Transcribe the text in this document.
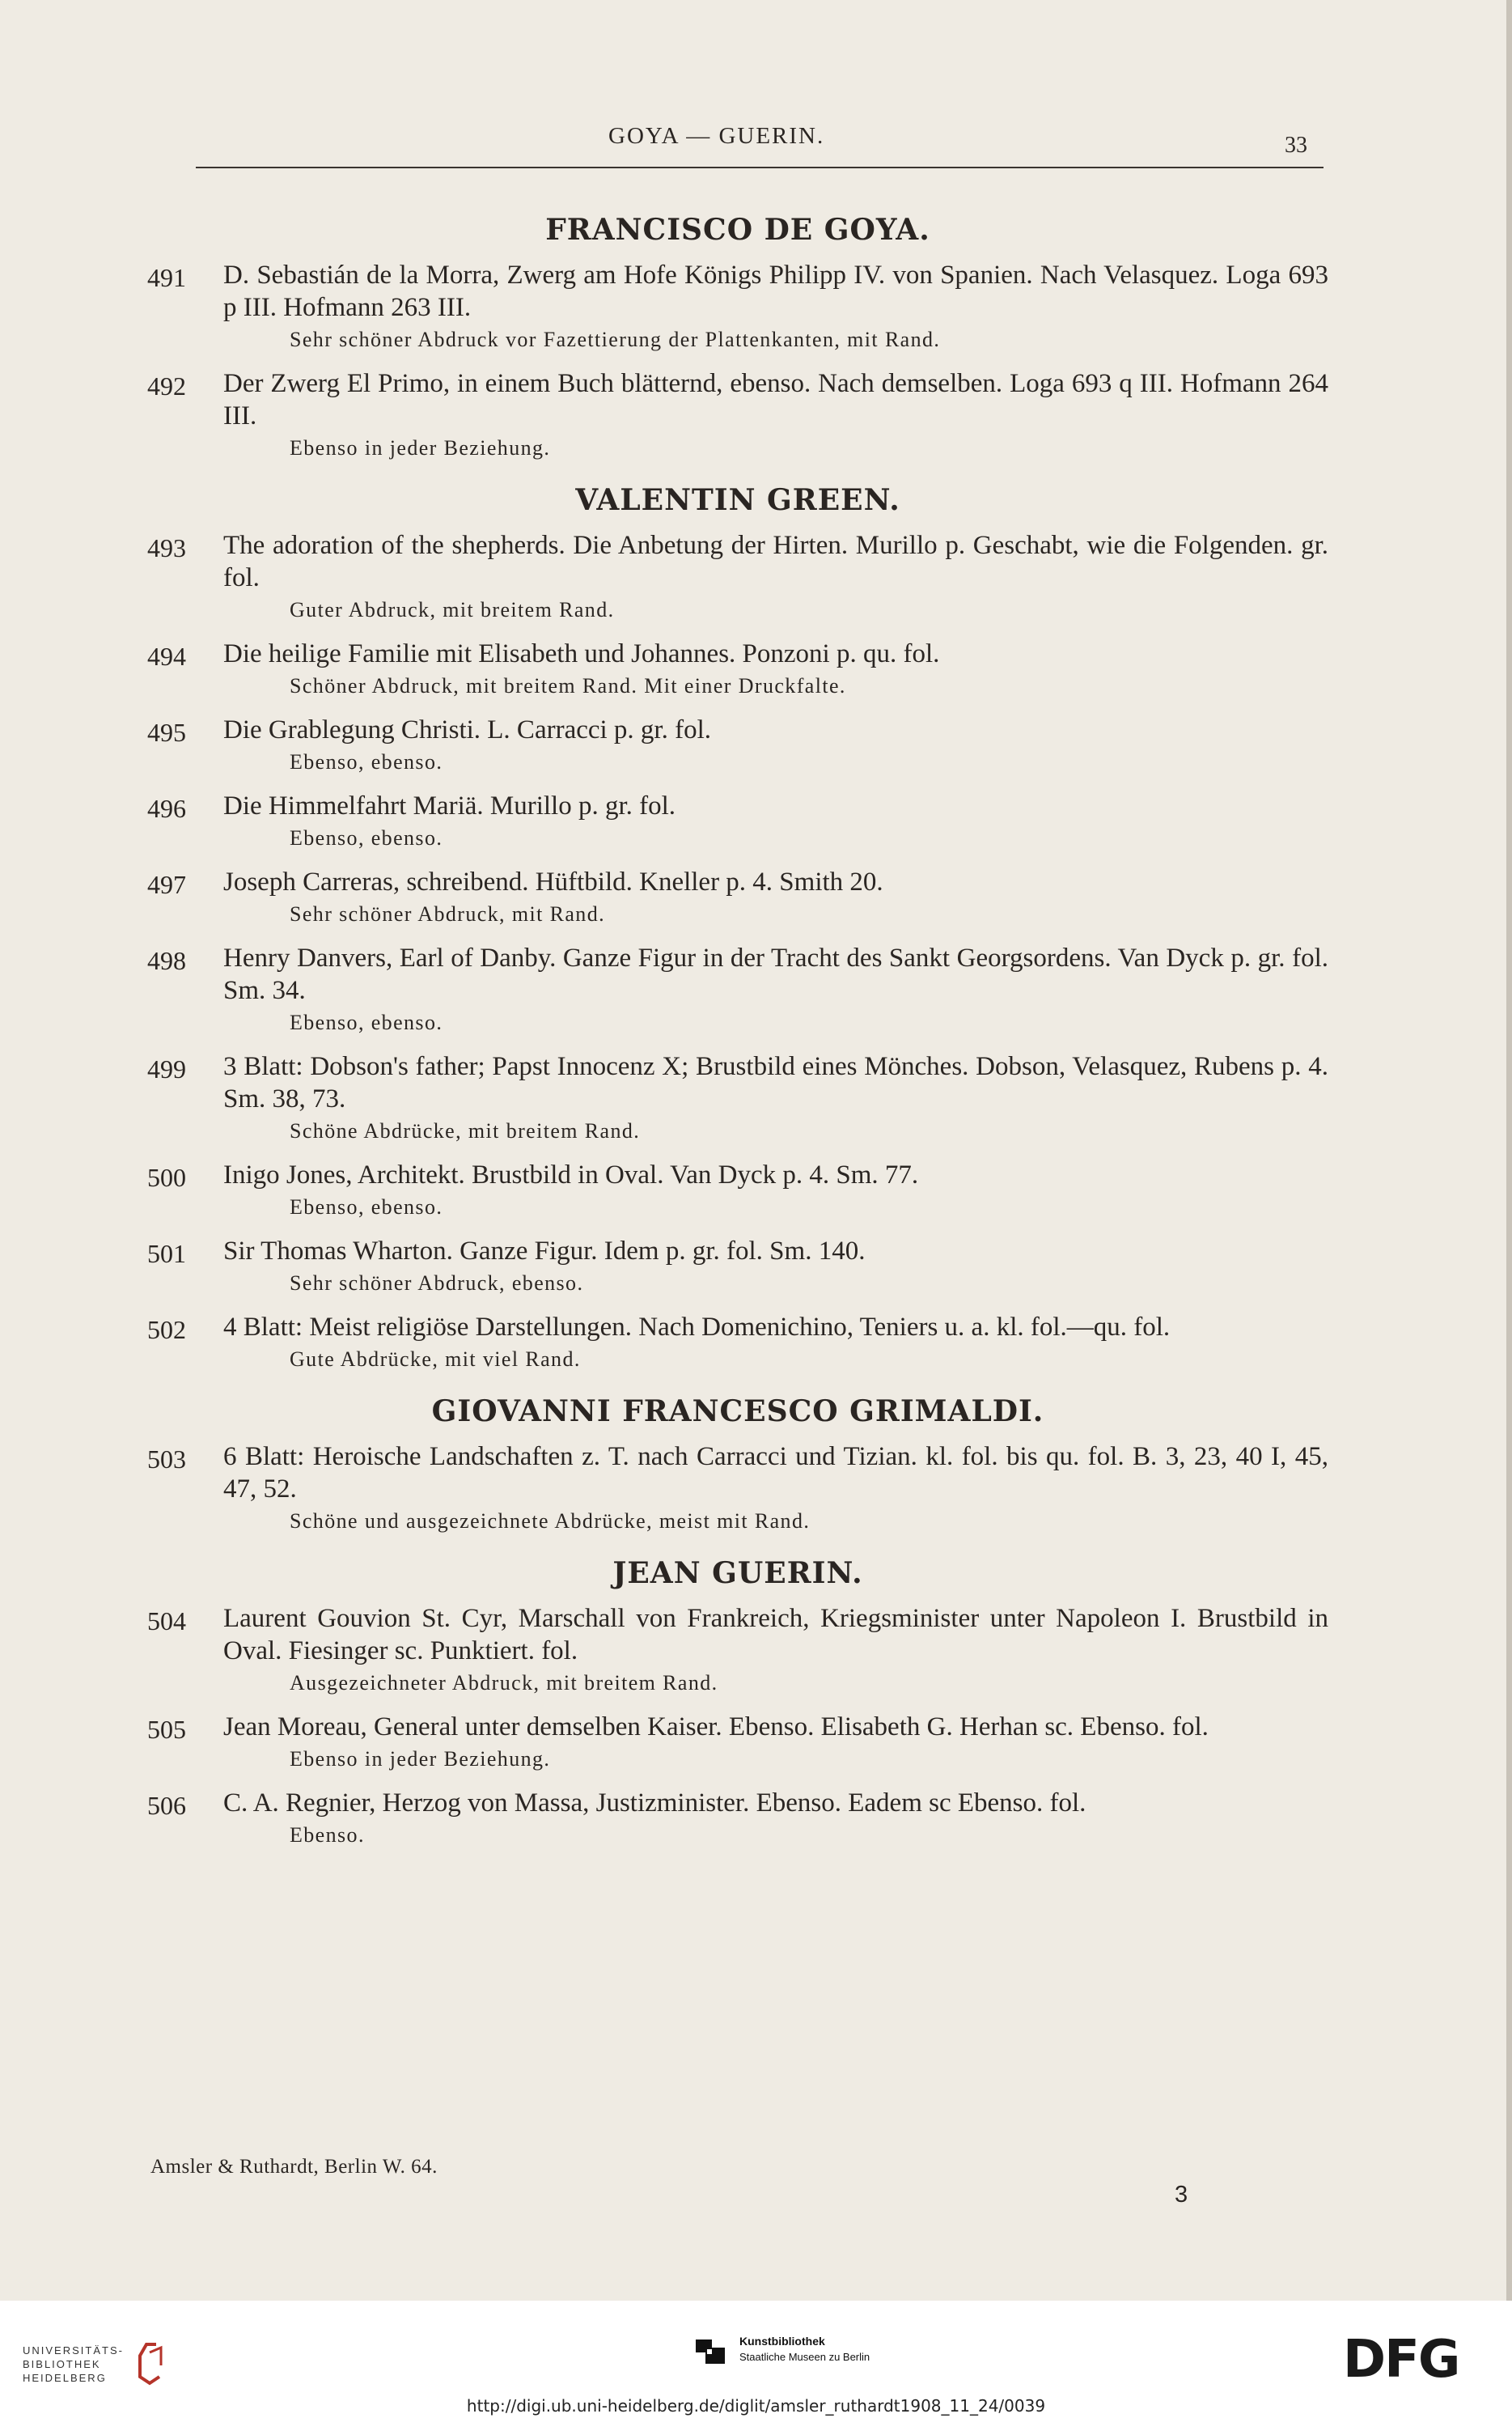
GOYA — GUERIN.	33
FRANCISCO DE GOYA.
491	D. Sebastián de la Morra, Zwerg am Hofe Königs Philipp IV. von Spanien. Nach Velasquez. Loga 693 p III. Hofmann 263 III.
Sehr schöner Abdruck vor Fazettierung der Plattenkanten, mit Rand.
492	Der Zwerg El Primo, in einem Buch blätternd, ebenso. Nach demselben. Loga 693 q III. Hofmann 264 III.
Ebenso in jeder Beziehung.
VALENTIN GREEN.
493	The adoration of the shepherds. Die Anbetung der Hirten. Murillo p. Geschabt, wie die Folgenden. gr. fol.
Guter Abdruck, mit breitem Rand.
494	Die heilige Familie mit Elisabeth und Johannes. Ponzoni p. qu. fol.
Schöner Abdruck, mit breitem Rand. Mit einer Druckfalte.
495	Die Grablegung Christi. L. Carracci p. gr. fol.
Ebenso, ebenso.
496	Die Himmelfahrt Mariä. Murillo p. gr. fol.
Ebenso, ebenso.
497	Joseph Carreras, schreibend. Hüftbild. Kneller p. 4. Smith 20.
Sehr schöner Abdruck, mit Rand.
498	Henry Danvers, Earl of Danby. Ganze Figur in der Tracht des Sankt Georgsordens. Van Dyck p. gr. fol. Sm. 34.
Ebenso, ebenso.
499	3 Blatt: Dobson's father; Papst Innocenz X; Brustbild eines Mönches. Dobson, Velasquez, Rubens p. 4. Sm. 38, 73.
Schöne Abdrücke, mit breitem Rand.
500	Inigo Jones, Architekt. Brustbild in Oval. Van Dyck p. 4. Sm. 77.
Ebenso, ebenso.
501	Sir Thomas Wharton. Ganze Figur. Idem p. gr. fol. Sm. 140.
Sehr schöner Abdruck, ebenso.
502	4 Blatt: Meist religiöse Darstellungen. Nach Domenichino, Teniers u. a. kl. fol.—qu. fol.
Gute Abdrücke, mit viel Rand.
GIOVANNI FRANCESCO GRIMALDI.
503	6 Blatt: Heroische Landschaften z. T. nach Carracci und Tizian. kl. fol. bis qu. fol. B. 3, 23, 40 I, 45, 47, 52.
Schöne und ausgezeichnete Abdrücke, meist mit Rand.
JEAN GUERIN.
504	Laurent Gouvion St. Cyr, Marschall von Frankreich, Kriegsminister unter Napoleon I. Brustbild in Oval. Fiesinger sc. Punktiert. fol.
Ausgezeichneter Abdruck, mit breitem Rand.
505	Jean Moreau, General unter demselben Kaiser. Ebenso. Elisabeth G. Herhan sc. Ebenso. fol.
Ebenso in jeder Beziehung.
506	C. A. Regnier, Herzog von Massa, Justizminister. Ebenso. Eadem sc Ebenso. fol.
Ebenso.
Amsler & Ruthardt, Berlin W. 64.
3
UNIVERSITÄTS-
BIBLIOTHEK
HEIDELBERG
Kunstbibliothek
Staatliche Museen zu Berlin	DFG
http://digi.ub.uni-heidelberg.de/diglit/amsler_ruthardt1908_11_24/0039
